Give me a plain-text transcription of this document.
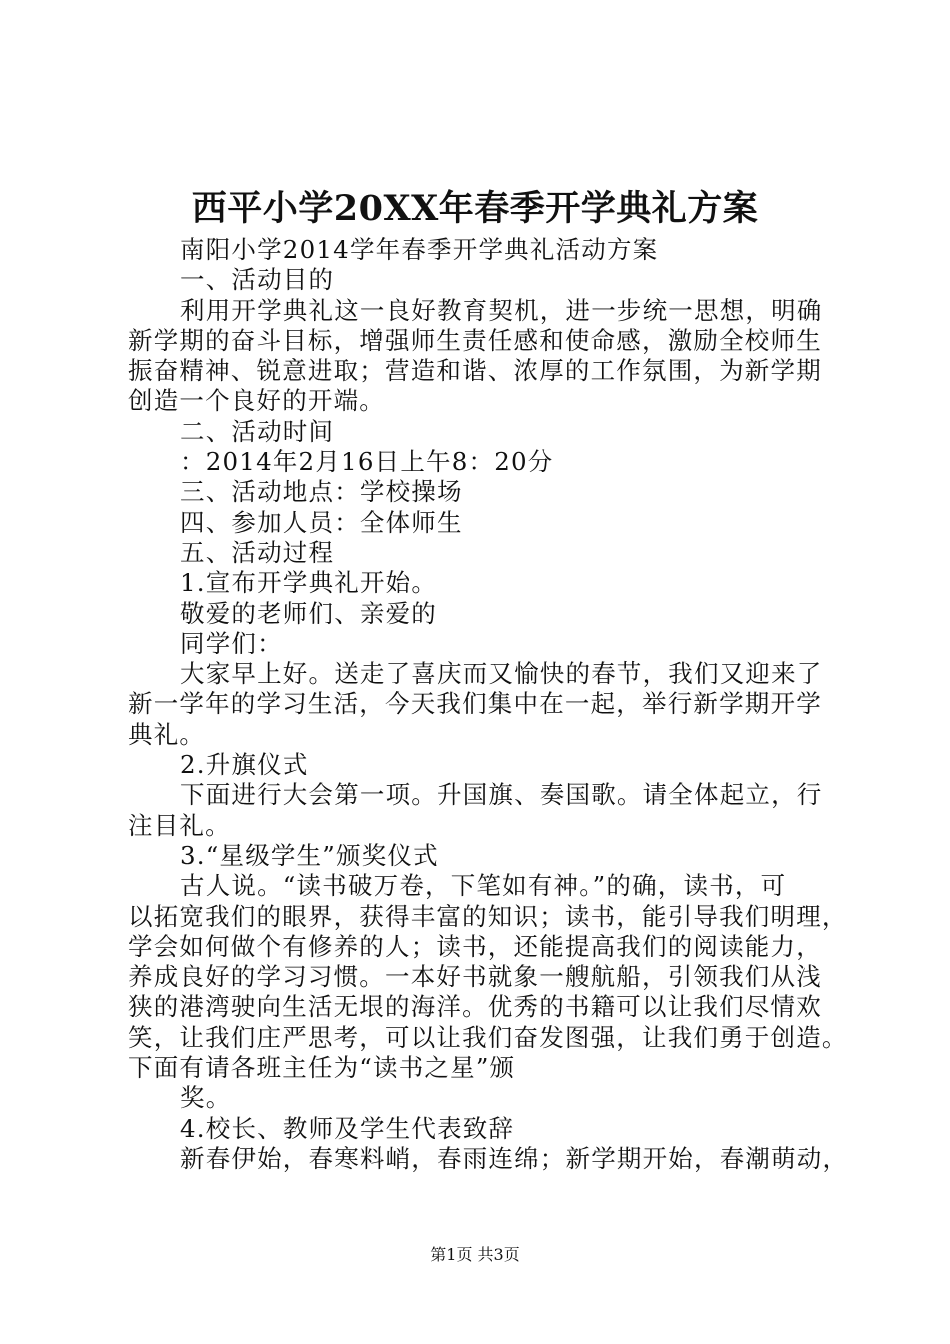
西平小学20XX年春季开学典礼方案
南阳小学2014学年春季开学典礼活动方案
一、活动目的
利用开学典礼这一良好教育契机，进一步统一思想，明确
新学期的奋斗目标，增强师生责任感和使命感，激励全校师生
振奋精神、锐意进取；营造和谐、浓厚的工作氛围，为新学期
创造一个良好的开端。
二、活动时间
：2014年2月16日上午8：20分
三、活动地点：学校操场
四、参加人员：全体师生
五、活动过程
1.宣布开学典礼开始。
敬爱的老师们、亲爱的
同学们：
大家早上好。送走了喜庆而又愉快的春节，我们又迎来了
新一学年的学习生活，今天我们集中在一起，举行新学期开学
典礼。
2.升旗仪式
下面进行大会第一项。升国旗、奏国歌。请全体起立，行
注目礼。
3.“星级学生”颁奖仪式
古人说。“读书破万卷，下笔如有神。”的确，读书，可
以拓宽我们的眼界，获得丰富的知识；读书，能引导我们明理，
学会如何做个有修养的人；读书，还能提高我们的阅读能力，
养成良好的学习习惯。一本好书就象一艘航船，引领我们从浅
狭的港湾驶向生活无垠的海洋。优秀的书籍可以让我们尽情欢
笑，让我们庄严思考，可以让我们奋发图强，让我们勇于创造。
下面有请各班主任为“读书之星”颁
奖。
4.校长、教师及学生代表致辞
新春伊始，春寒料峭，春雨连绵；新学期开始，春潮萌动，
第1页 共3页
